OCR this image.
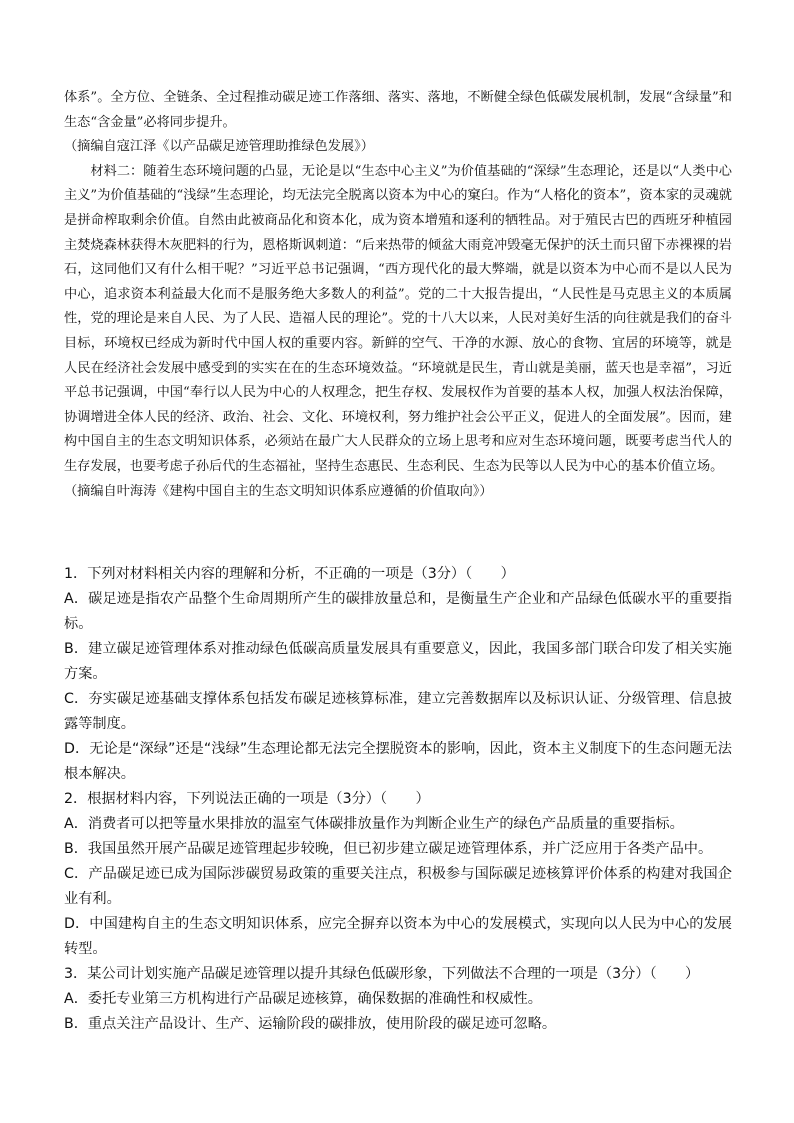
体系”。全方位、全链条、全过程推动碳足迹工作落细、落实、落地，不断健全绿色低碳发展机制，发展“含绿量”和生态“含金量”必将同步提升。

（摘编自寇江泽《以产品碳足迹管理助推绿色发展》）

材料二：随着生态环境问题的凸显，无论是以“生态中心主义”为价值基础的“深绿”生态理论，还是以“人类中心主义”为价值基础的“浅绿”生态理论，均无法完全脱离以资本为中心的窠臼。作为“人格化的资本”，资本家的灵魂就是拼命榨取剩余价值。自然由此被商品化和资本化，成为资本增殖和逐利的牺牲品。对于殖民古巴的西班牙种植园主焚烧森林获得木灰肥料的行为，恩格斯讽刺道：“后来热带的倾盆大雨竟冲毁毫无保护的沃土而只留下赤裸裸的岩石，这同他们又有什么相干呢？”习近平总书记强调，“西方现代化的最大弊端，就是以资本为中心而不是以人民为中心，追求资本利益最大化而不是服务绝大多数人的利益”。党的二十大报告提出，“人民性是马克思主义的本质属性，党的理论是来自人民、为了人民、造福人民的理论”。党的十八大以来，人民对美好生活的向往就是我们的奋斗目标，环境权已经成为新时代中国人权的重要内容。新鲜的空气、干净的水源、放心的食物、宜居的环境等，就是人民在经济社会发展中感受到的实实在在的生态环境效益。“环境就是民生，青山就是美丽，蓝天也是幸福”，习近平总书记强调，中国“奉行以人民为中心的人权理念，把生存权、发展权作为首要的基本人权，加强人权法治保障，协调增进全体人民的经济、政治、社会、文化、环境权利，努力维护社会公平正义，促进人的全面发展”。因而，建构中国自主的生态文明知识体系，必须站在最广大人民群众的立场上思考和应对生态环境问题，既要考虑当代人的生存发展，也要考虑子孙后代的生态福祉，坚持生态惠民、生态利民、生态为民等以人民为中心的基本价值立场。

（摘编自叶海涛《建构中国自主的生态文明知识体系应遵循的价值取向》）

1．下列对材料相关内容的理解和分析，不正确的一项是（3分）（　　）

A．碳足迹是指农产品整个生命周期所产生的碳排放量总和，是衡量生产企业和产品绿色低碳水平的重要指标。

B．建立碳足迹管理体系对推动绿色低碳高质量发展具有重要意义，因此，我国多部门联合印发了相关实施方案。

C．夯实碳足迹基础支撑体系包括发布碳足迹核算标准，建立完善数据库以及标识认证、分级管理、信息披露等制度。

D．无论是“深绿”还是“浅绿”生态理论都无法完全摆脱资本的影响，因此，资本主义制度下的生态问题无法根本解决。

2．根据材料内容，下列说法正确的一项是（3分）（　　）

A．消费者可以把等量水果排放的温室气体碳排放量作为判断企业生产的绿色产品质量的重要指标。

B．我国虽然开展产品碳足迹管理起步较晚，但已初步建立碳足迹管理体系，并广泛应用于各类产品中。

C．产品碳足迹已成为国际涉碳贸易政策的重要关注点，积极参与国际碳足迹核算评价体系的构建对我国企业有利。

D．中国建构自主的生态文明知识体系，应完全摒弃以资本为中心的发展模式，实现向以人民为中心的发展转型。

3．某公司计划实施产品碳足迹管理以提升其绿色低碳形象，下列做法不合理的一项是（3分）（　　）

A．委托专业第三方机构进行产品碳足迹核算，确保数据的准确性和权威性。

B．重点关注产品设计、生产、运输阶段的碳排放，使用阶段的碳足迹可忽略。
